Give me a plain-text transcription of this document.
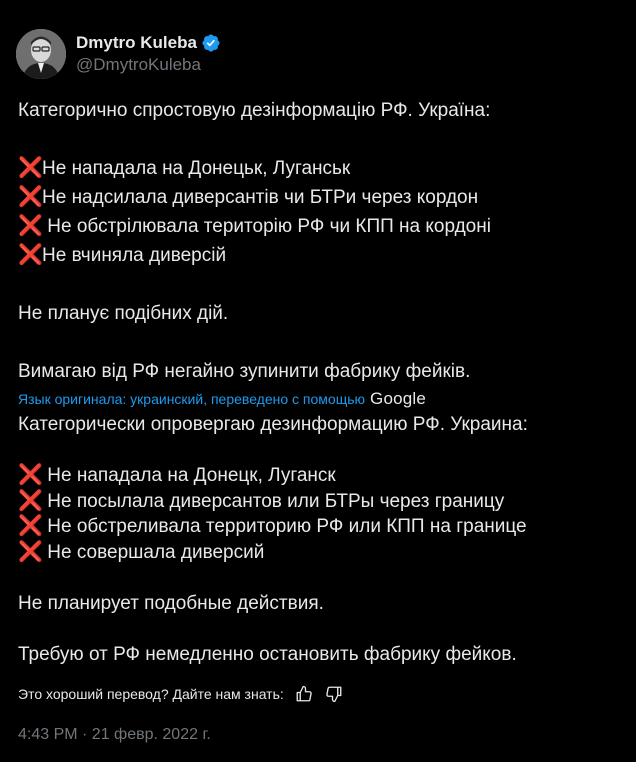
Dmytro Kuleba
@DmytroKuleba

Категорично спростовую дезінформацію РФ. Україна:

❌Не нападала на Донецьк, Луганськ

❌Не надсилала диверсантів чи БТРи через кордон

❌ Не обстрілювала територію РФ чи КПП на кордоні

❌Не вчиняла диверсій

Не планує подібних дій.

Вимагаю від РФ негайно зупинити фабрику фейків.

Язык оригинала: украинский, переведено с помощью Google

Категорически опровергаю дезинформацию РФ. Украина:

❌ Не нападала на Донецк, Луганск

❌ Не посылала диверсантов или БТРы через границу

❌ Не обстреливала территорию РФ или КПП на границе

❌ Не совершала диверсий

Не планирует подобные действия.

Требую от РФ немедленно остановить фабрику фейков.

Это хороший перевод? Дайте нам знать:
4:43 PM · 21 февр. 2022 г.
